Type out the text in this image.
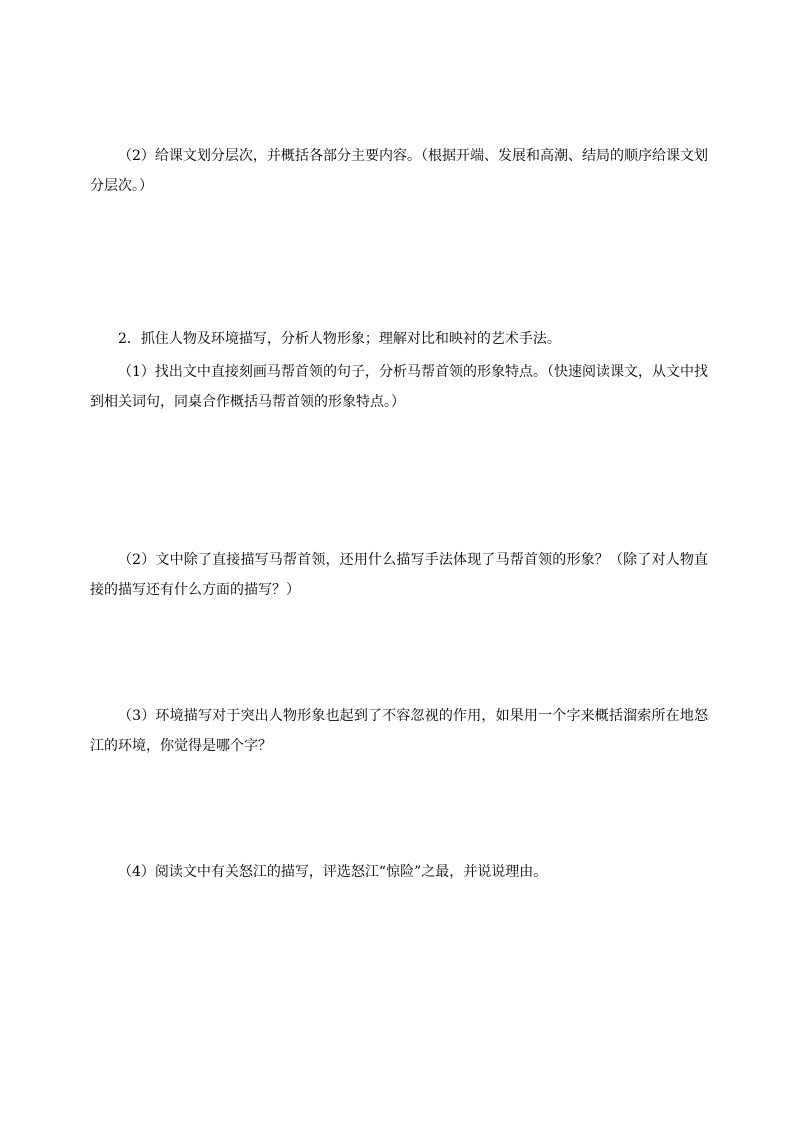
（2）给课文划分层次，并概括各部分主要内容。（根据开端、发展和高潮、结局的顺序给课文划分层次。）

2．抓住人物及环境描写，分析人物形象；理解对比和映衬的艺术手法。

（1）找出文中直接刻画马帮首领的句子，分析马帮首领的形象特点。（快速阅读课文，从文中找到相关词句，同桌合作概括马帮首领的形象特点。）

（2）文中除了直接描写马帮首领，还用什么描写手法体现了马帮首领的形象？（除了对人物直接的描写还有什么方面的描写？）

（3）环境描写对于突出人物形象也起到了不容忽视的作用，如果用一个字来概括溜索所在地怒江的环境，你觉得是哪个字？

（4）阅读文中有关怒江的描写，评选怒江“惊险”之最，并说说理由。
